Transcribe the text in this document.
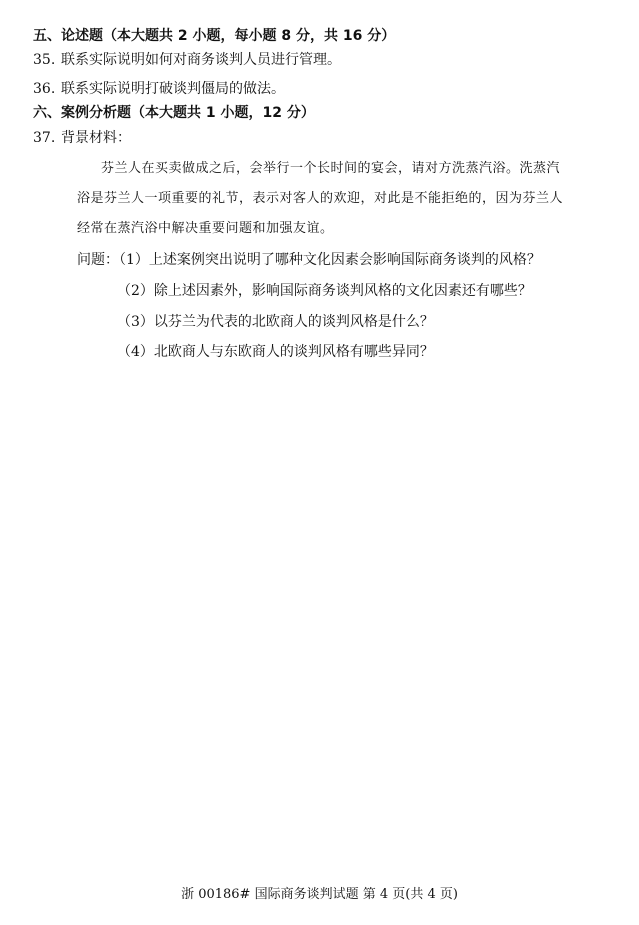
五、论述题（本大题共 2 小题，每小题 8 分，共 16 分）
35. 联系实际说明如何对商务谈判人员进行管理。
36. 联系实际说明打破谈判僵局的做法。
六、案例分析题（本大题共 1 小题，12 分）
37. 背景材料：
芬兰人在买卖做成之后，会举行一个长时间的宴会，请对方洗蒸汽浴。洗蒸汽
浴是芬兰人一项重要的礼节，表示对客人的欢迎，对此是不能拒绝的，因为芬兰人
经常在蒸汽浴中解决重要问题和加强友谊。
问题：（1）上述案例突出说明了哪种文化因素会影响国际商务谈判的风格？
（2）除上述因素外，影响国际商务谈判风格的文化因素还有哪些？
（3）以芬兰为代表的北欧商人的谈判风格是什么？
（4）北欧商人与东欧商人的谈判风格有哪些异同？
浙 00186# 国际商务谈判试题 第 4 页(共 4 页)
